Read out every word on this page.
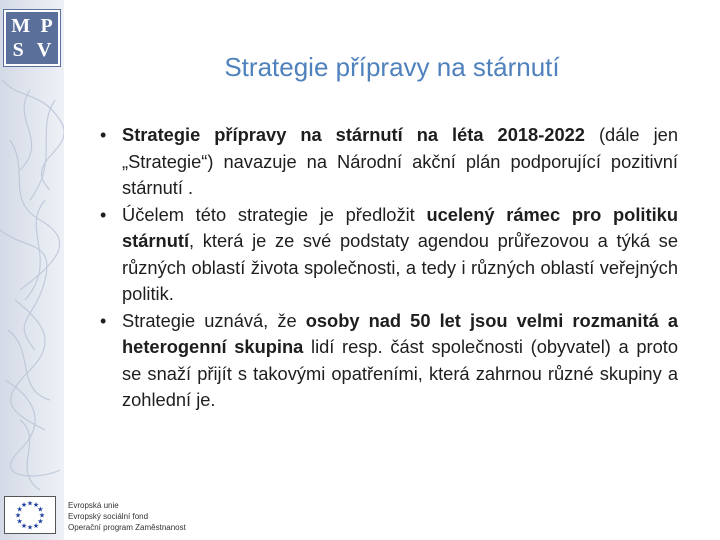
M P
S V
Strategie přípravy na stárnutí
• Strategie přípravy na stárnutí na léta 2018-2022 (dále jen „Strategie“) navazuje na Národní akční plán podporující pozitivní stárnutí .
• Účelem této strategie je předložit ucelený rámec pro politiku stárnutí, která je ze své podstaty agendou průřezovou a týká se různých oblastí života společnosti, a tedy i různých oblastí veřejných politik.
• Strategie uznává, že osoby nad 50 let jsou velmi rozmanitá a heterogenní skupina lidí resp. část společnosti (obyvatel) a proto se snaží přijít s takovými opatřeními, která zahrnou různé skupiny a zohlední je.
★
★
★
★
★
★
★
★
★ ★ ★
★	Evropská unie
Evropský sociální fond
Operační program Zaměstnanost
